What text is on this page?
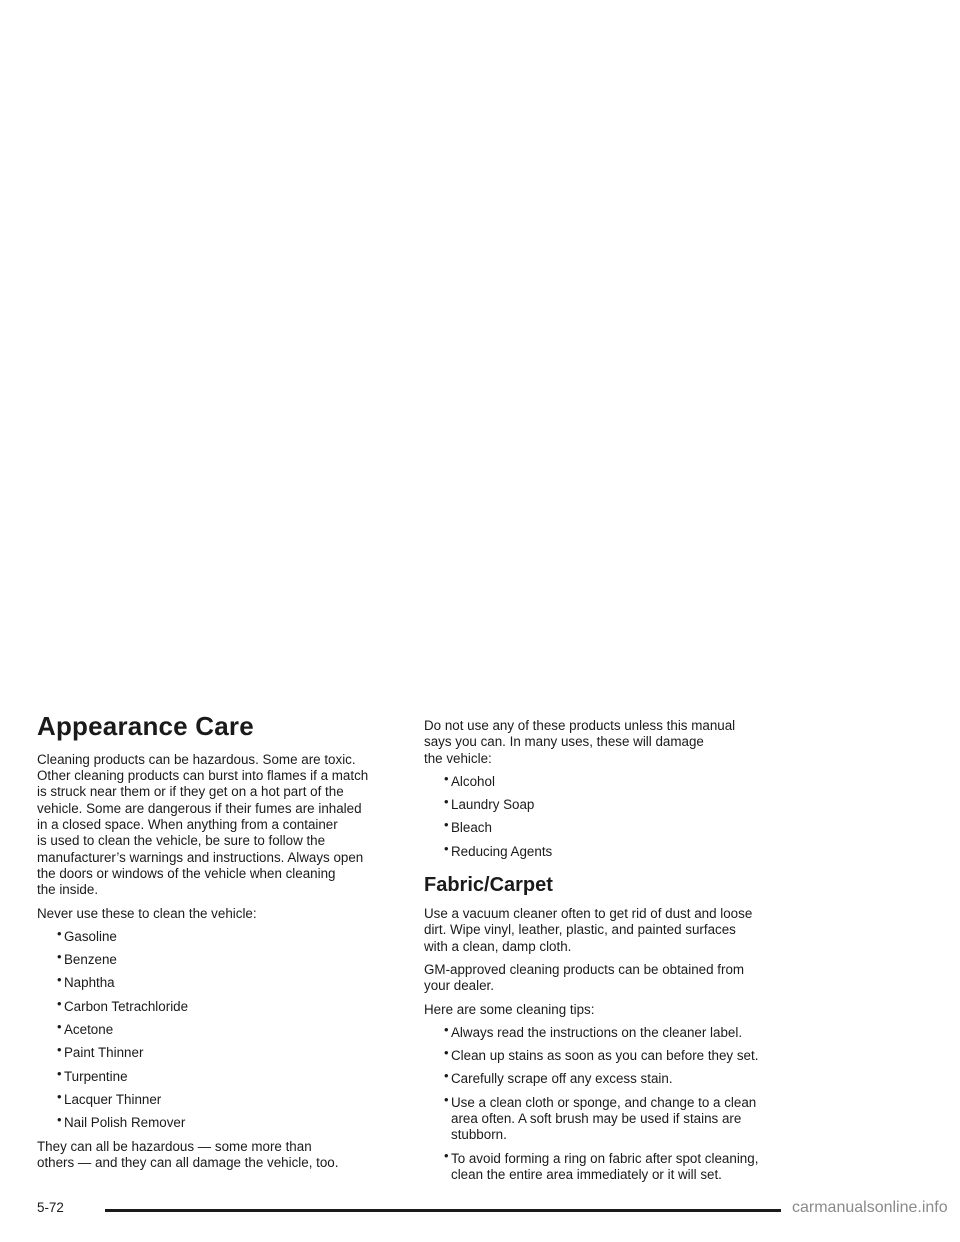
Appearance Care

Cleaning products can be hazardous. Some are toxic.
Other cleaning products can burst into flames if a match
is struck near them or if they get on a hot part of the
vehicle. Some are dangerous if their fumes are inhaled
in a closed space. When anything from a container
is used to clean the vehicle, be sure to follow the
manufacturer’s warnings and instructions. Always open
the doors or windows of the vehicle when cleaning
the inside.

Never use these to clean the vehicle:

• Gasoline
• Benzene
• Naphtha
• Carbon Tetrachloride
• Acetone
• Paint Thinner
• Turpentine
• Lacquer Thinner
• Nail Polish Remover

They can all be hazardous — some more than
others — and they can all damage the vehicle, too.

Do not use any of these products unless this manual
says you can. In many uses, these will damage
the vehicle:

• Alcohol
• Laundry Soap
• Bleach
• Reducing Agents
Fabric/Carpet

Use a vacuum cleaner often to get rid of dust and loose
dirt. Wipe vinyl, leather, plastic, and painted surfaces
with a clean, damp cloth.

GM-approved cleaning products can be obtained from
your dealer.

Here are some cleaning tips:

• Always read the instructions on the cleaner label.
• Clean up stains as soon as you can before they set.
• Carefully scrape off any excess stain.
• Use a clean cloth or sponge, and change to a clean
area often. A soft brush may be used if stains are
stubborn.
• To avoid forming a ring on fabric after spot cleaning,
clean the entire area immediately or it will set.
5-72	carmanualsonline.info
